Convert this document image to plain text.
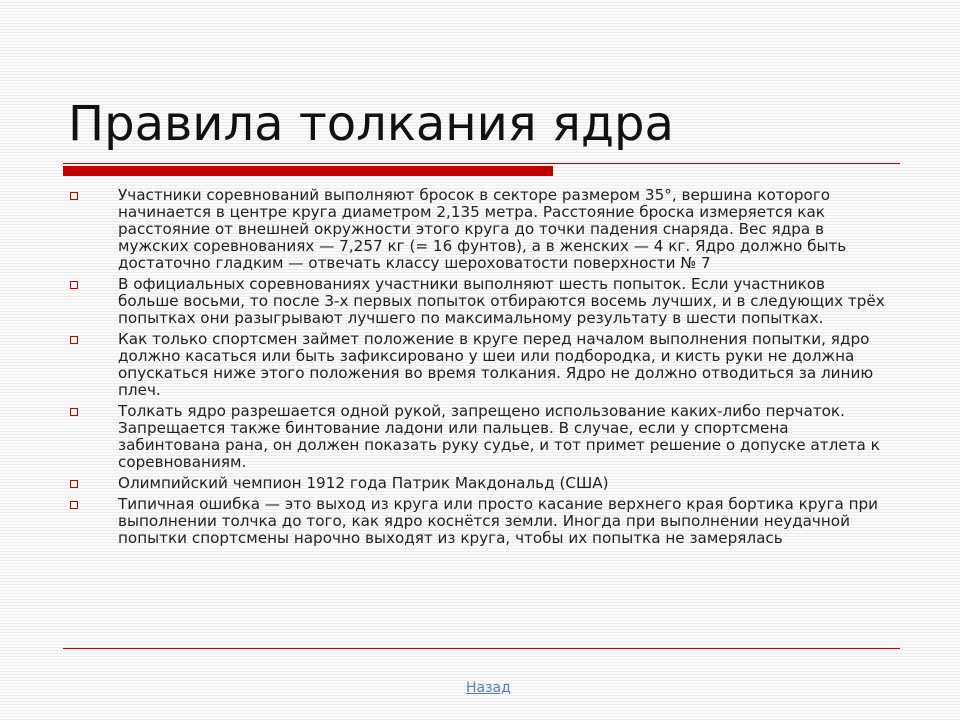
Правила толкания ядра
Участники соревнований выполняют бросок в секторе размером 35°, вершина которого начинается в центре круга диаметром 2,135 метра. Расстояние броска измеряется как расстояние от внешней окружности этого круга до точки падения снаряда. Вес ядра в мужских соревнованиях — 7,257 кг (= 16 фунтов), а в женских — 4 кг. Ядро должно быть достаточно гладким — отвечать классу шероховатости поверхности № 7
В официальных соревнованиях участники выполняют шесть попыток. Если участников больше восьми, то после 3-х первых попыток отбираются восемь лучших, и в следующих трёх попытках они разыгрывают лучшего по максимальному результату в шести попытках.
Как только спортсмен займет положение в круге перед началом выполнения попытки, ядро должно касаться или быть зафиксировано у шеи или подбородка, и кисть руки не должна опускаться ниже этого положения во время толкания. Ядро не должно отводиться за линию плеч.
Толкать ядро разрешается одной рукой, запрещено использование каких-либо перчаток. Запрещается также бинтование ладони или пальцев. В случае, если у спортсмена забинтована рана, он должен показать руку судье, и тот примет решение о допуске атлета к соревнованиям.
Олимпийский чемпион 1912 года Патрик Макдональд (США)
Типичная ошибка — это выход из круга или просто касание верхнего края бортика круга при выполнении толчка до того, как ядро коснётся земли. Иногда при выполнении неудачной попытки спортсмены нарочно выходят из круга, чтобы их попытка не замерялась
Назад
